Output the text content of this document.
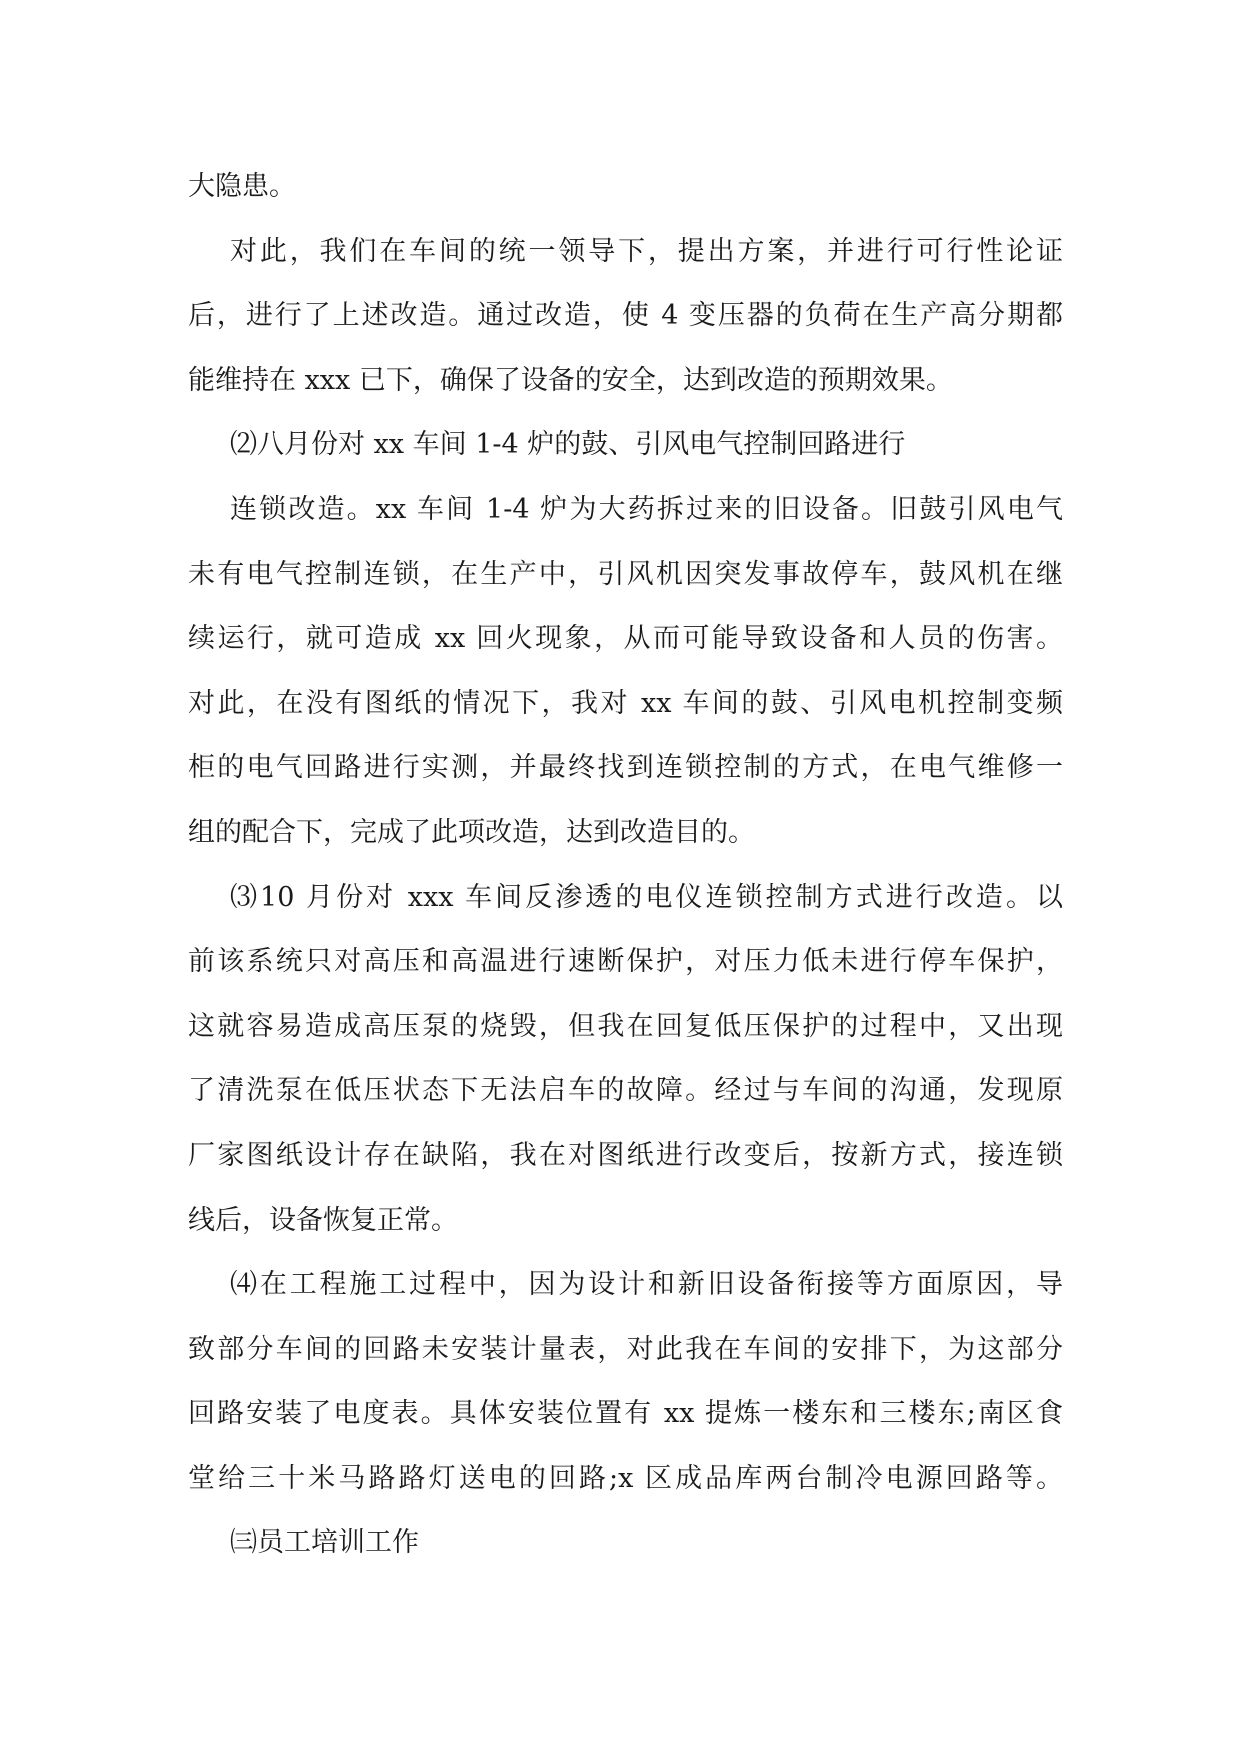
大隐患。
对此，我们在车间的统一领导下，提出方案，并进行可行性论证
后，进行了上述改造。通过改造，使 4 变压器的负荷在生产高分期都
能维持在 xxx 已下，确保了设备的安全，达到改造的预期效果。
⑵八月份对 xx 车间 1-4 炉的鼓、引风电气控制回路进行
连锁改造。xx 车间 1-4 炉为大药拆过来的旧设备。旧鼓引风电气
未有电气控制连锁，在生产中，引风机因突发事故停车，鼓风机在继
续运行，就可造成 xx 回火现象，从而可能导致设备和人员的伤害。
对此，在没有图纸的情况下，我对 xx 车间的鼓、引风电机控制变频
柜的电气回路进行实测，并最终找到连锁控制的方式，在电气维修一
组的配合下，完成了此项改造，达到改造目的。
⑶10 月份对 xxx 车间反渗透的电仪连锁控制方式进行改造。以
前该系统只对高压和高温进行速断保护，对压力低未进行停车保护，
这就容易造成高压泵的烧毁，但我在回复低压保护的过程中，又出现
了清洗泵在低压状态下无法启车的故障。经过与车间的沟通，发现原
厂家图纸设计存在缺陷，我在对图纸进行改变后，按新方式，接连锁
线后，设备恢复正常。
⑷在工程施工过程中，因为设计和新旧设备衔接等方面原因，导
致部分车间的回路未安装计量表，对此我在车间的安排下，为这部分
回路安装了电度表。具体安装位置有 xx 提炼一楼东和三楼东;南区食
堂给三十米马路路灯送电的回路;x 区成品库两台制冷电源回路等。
㈢员工培训工作
